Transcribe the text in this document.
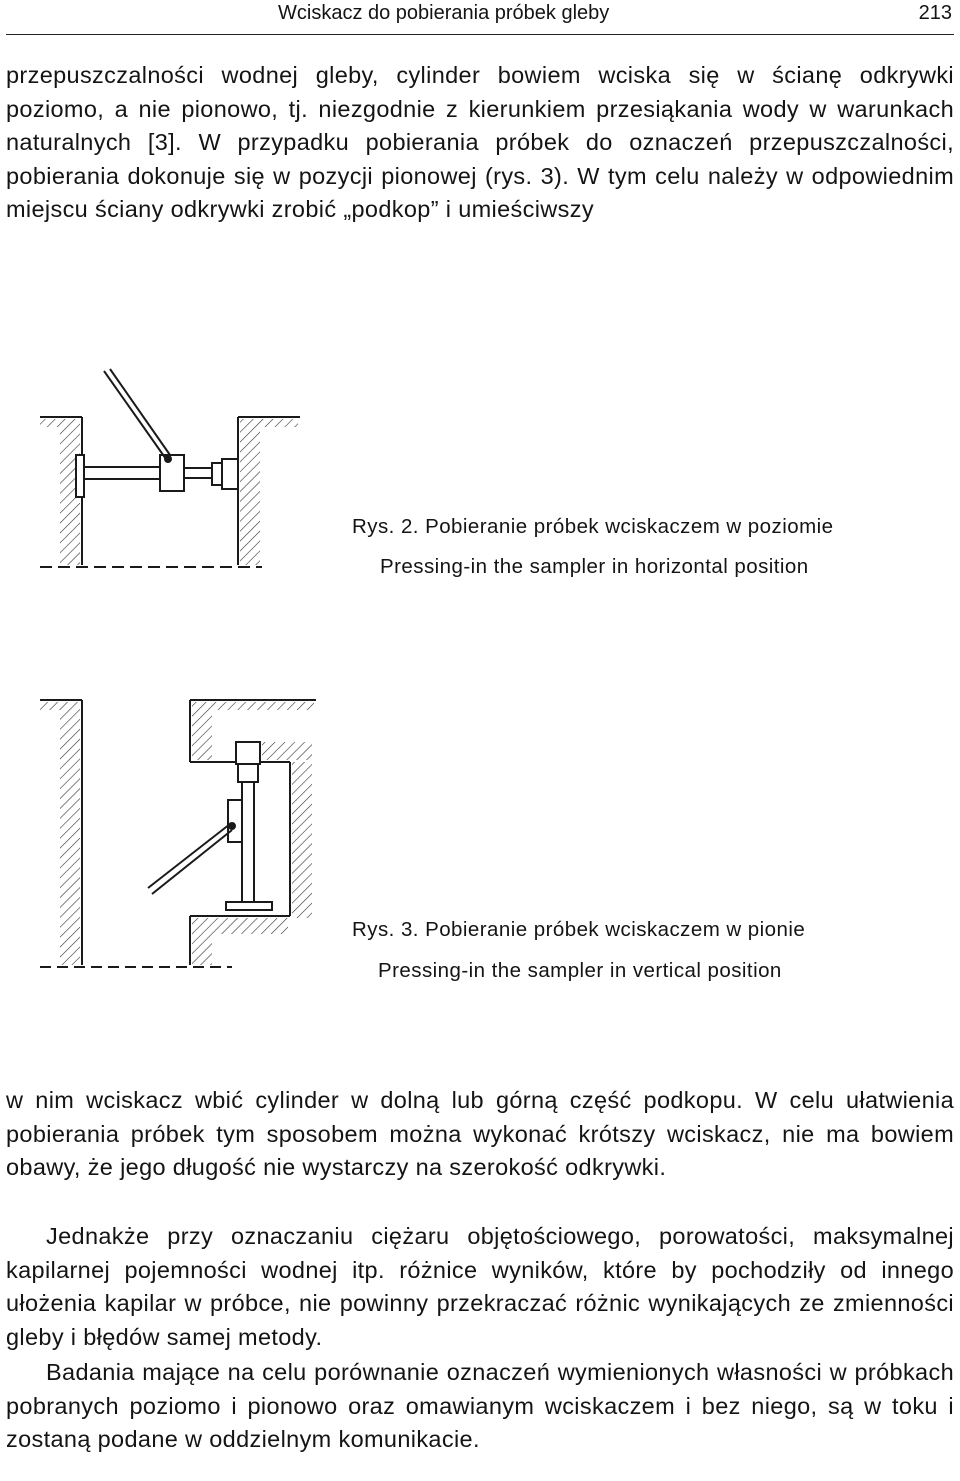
Wciskacz do pobierania próbek gleby	213

przepuszczalności wodnej gleby, cylinder bowiem wciska się w ścianę odkrywki poziomo, a nie pionowo, tj. niezgodnie z kierunkiem przesiąkania wody w warunkach naturalnych [3]. W przypadku pobierania próbek do oznaczeń przepuszczalności, pobierania dokonuje się w pozycji pionowej (rys. 3). W tym celu należy w odpowiednim miejscu ściany odkrywki zrobić „podkop” i umieściwszy

Rys. 2. Pobieranie próbek wciskaczem w poziomie
Pressing-in the sampler in horizontal position
Rys. 3. Pobieranie próbek wciskaczem w pionie
Pressing-in the sampler in vertical position

w nim wciskacz wbić cylinder w dolną lub górną część podkopu. W celu ułatwienia pobierania próbek tym sposobem można wykonać krótszy wciskacz, nie ma bowiem obawy, że jego długość nie wystarczy na szerokość odkrywki.

Jednakże przy oznaczaniu ciężaru objętościowego, porowatości, maksymalnej kapilarnej pojemności wodnej itp. różnice wyników, które by pochodziły od innego ułożenia kapilar w próbce, nie powinny przekraczać różnic wynikających ze zmienności gleby i błędów samej metody.

Badania mające na celu porównanie oznaczeń wymienionych własności w próbkach pobranych poziomo i pionowo oraz omawianym wciskaczem i bez niego, są w toku i zostaną podane w oddzielnym komunikacie.
